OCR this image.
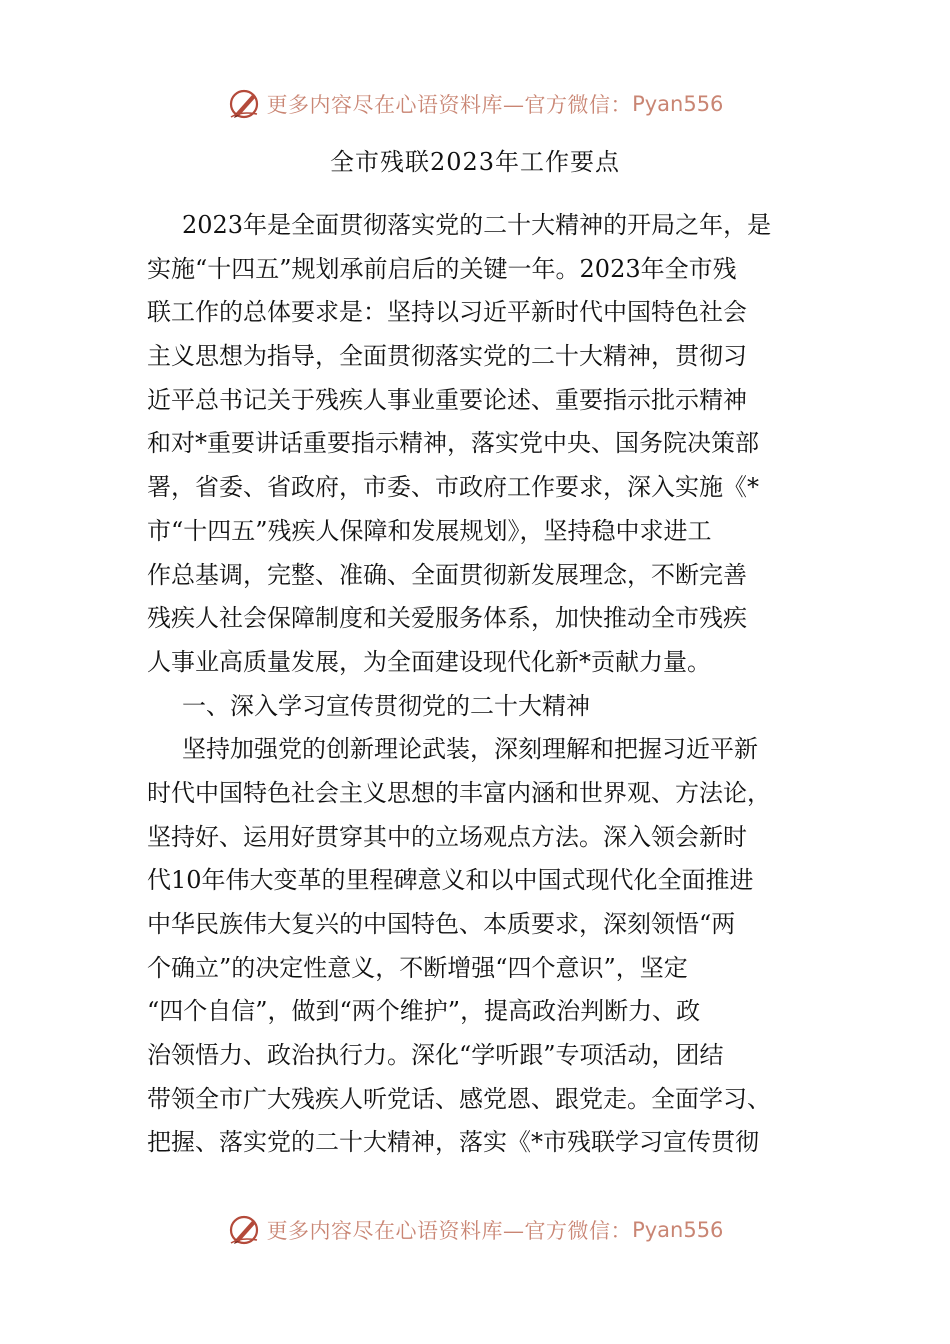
更多内容尽在心语资料库—官方微信： Pyan556
全市残联2023年工作要点
2023年是全面贯彻落实党的二十大精神的开局之年，是
实施“十四五”规划承前启后的关键一年。2023年全市残
联工作的总体要求是：坚持以习近平新时代中国特色社会
主义思想为指导，全面贯彻落实党的二十大精神，贯彻习
近平总书记关于残疾人事业重要论述、重要指示批示精神
和对*重要讲话重要指示精神，落实党中央、国务院决策部
署，省委、省政府，市委、市政府工作要求，深入实施《*
市“十四五”残疾人保障和发展规划》，坚持稳中求进工
作总基调，完整、准确、全面贯彻新发展理念，不断完善
残疾人社会保障制度和关爱服务体系，加快推动全市残疾
人事业高质量发展，为全面建设现代化新*贡献力量。
一、深入学习宣传贯彻党的二十大精神
坚持加强党的创新理论武装，深刻理解和把握习近平新
时代中国特色社会主义思想的丰富内涵和世界观、方法论，
坚持好、运用好贯穿其中的立场观点方法。深入领会新时
代10年伟大变革的里程碑意义和以中国式现代化全面推进
中华民族伟大复兴的中国特色、本质要求，深刻领悟“两
个确立”的决定性意义，不断增强“四个意识”，坚定
“四个自信”，做到“两个维护”，提高政治判断力、政
治领悟力、政治执行力。深化“学听跟”专项活动，团结
带领全市广大残疾人听党话、感党恩、跟党走。全面学习、
把握、落实党的二十大精神，落实《*市残联学习宣传贯彻
更多内容尽在心语资料库—官方微信： Pyan556
